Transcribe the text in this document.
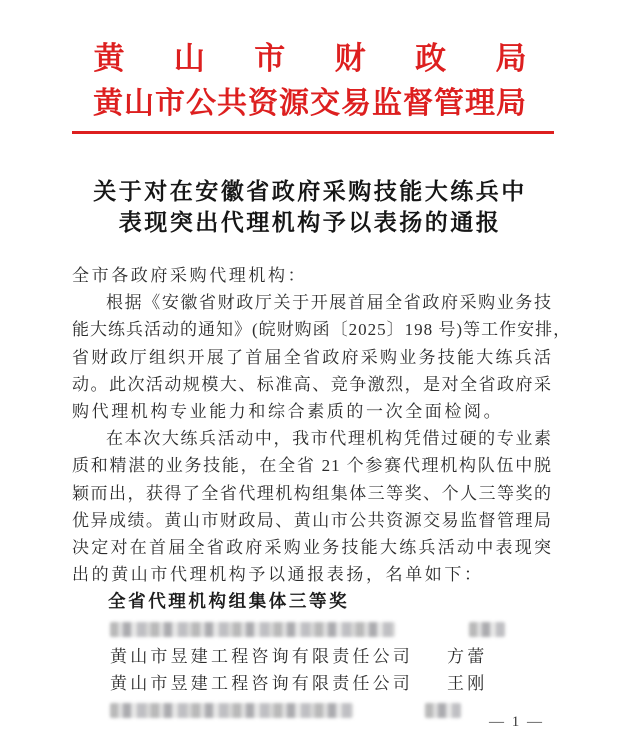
黄 山 市 财 政 局
黄山市公共资源交易监督管理局
关于对在安徽省政府采购技能大练兵中
表现突出代理机构予以表扬的通报
全市各政府采购代理机构：
根据《安徽省财政厅关于开展首届全省政府采购业务技
能大练兵活动的通知》(皖财购函〔2025〕198 号)等工作安排，
省财政厅组织开展了首届全省政府采购业务技能大练兵活
动。此次活动规模大、标准高、竞争激烈，是对全省政府采
购代理机构专业能力和综合素质的一次全面检阅。
在本次大练兵活动中，我市代理机构凭借过硬的专业素
质和精湛的业务技能，在全省 21 个参赛代理机构队伍中脱
颖而出，获得了全省代理机构组集体三等奖、个人三等奖的
优异成绩。黄山市财政局、黄山市公共资源交易监督管理局
决定对在首届全省政府采购业务技能大练兵活动中表现突
出的黄山市代理机构予以通报表扬，名单如下：
全省代理机构组集体三等奖
黄山市昱建工程咨询有限责任公司 方蕾
黄山市昱建工程咨询有限责任公司 王刚
— 1 —
